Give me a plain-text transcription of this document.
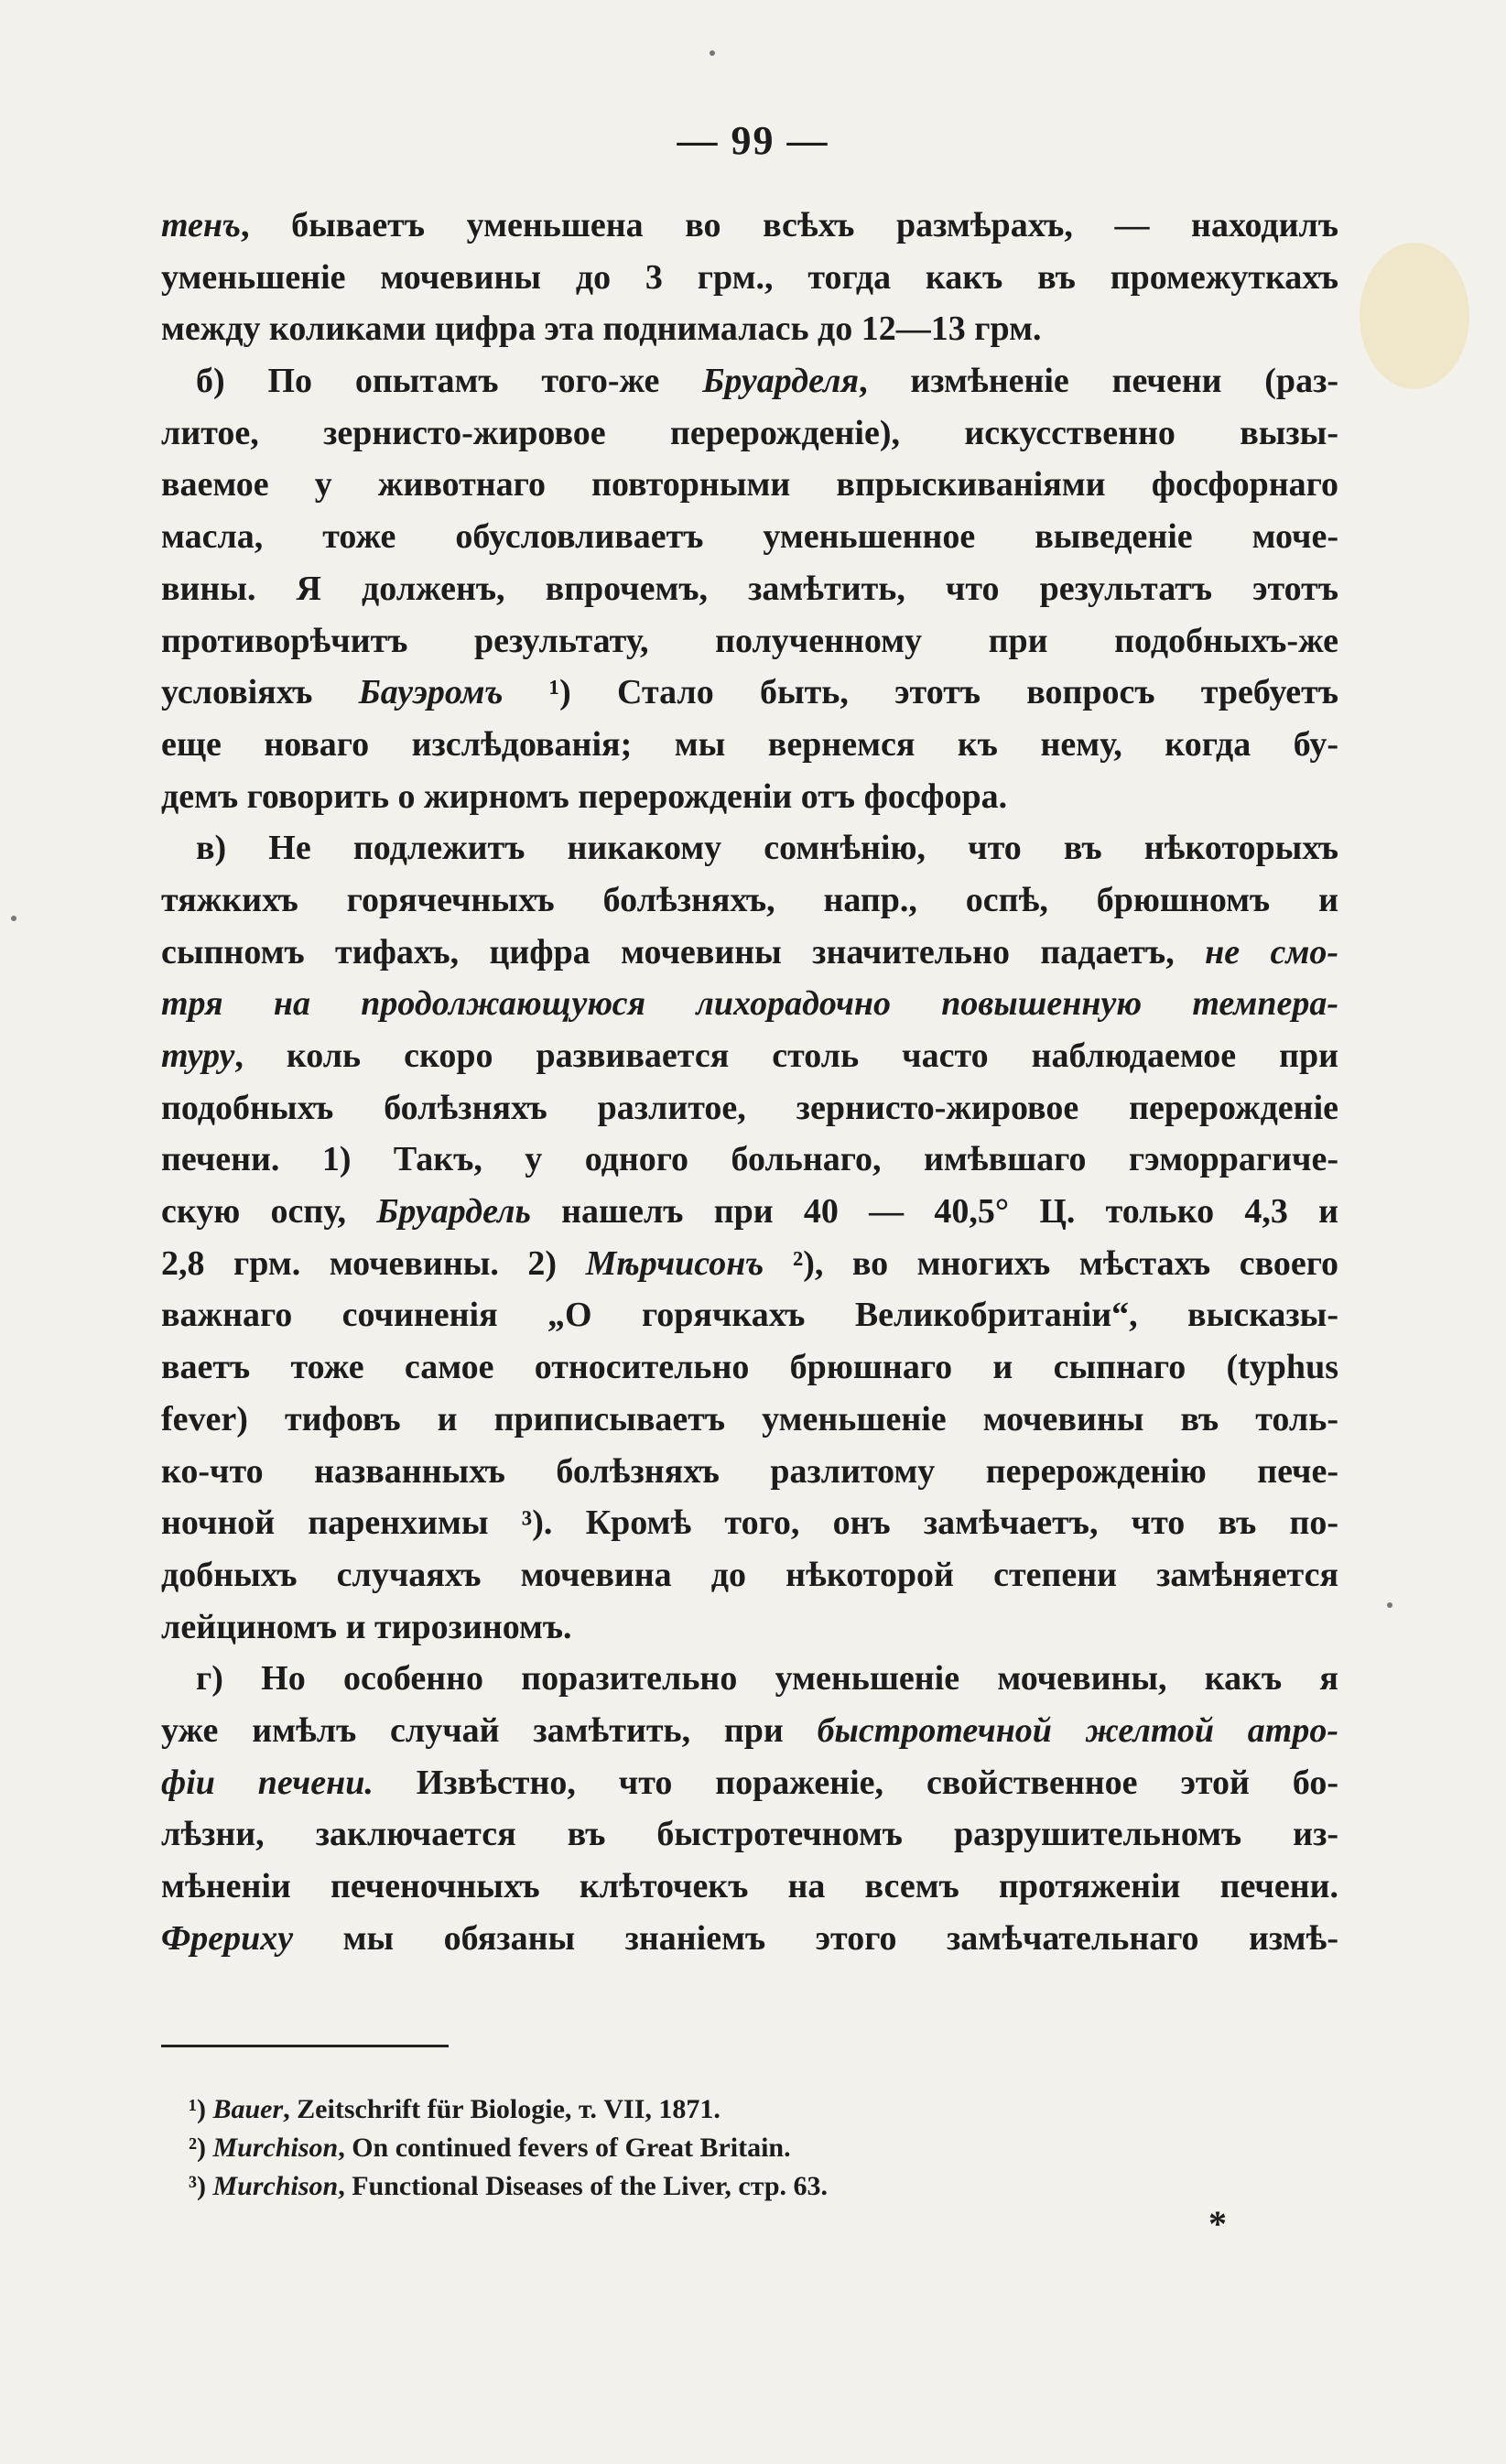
— 99 —
тенъ, бываетъ уменьшена во всѣхъ размѣрахъ, — находилъ
уменьшеніе мочевины до 3 грм., тогда какъ въ промежуткахъ
между коликами цифра эта поднималась до 12—13 грм.
б) По опытамъ того-же Бруарделя, измѣненіе печени (раз-
литое, зернисто-жировое перерожденіе), искусственно вызы-
ваемое у животнаго повторными впрыскиваніями фосфорнаго
масла, тоже обусловливаетъ уменьшенное выведеніе моче-
вины. Я долженъ, впрочемъ, замѣтить, что результатъ этотъ
противорѣчитъ результату, полученному при подобныхъ-же
условіяхъ Бауэромъ ¹) Стало быть, этотъ вопросъ требуетъ
еще новаго изслѣдованія; мы вернемся къ нему, когда бу-
демъ говорить о жирномъ перерожденіи отъ фосфора.
в) Не подлежитъ никакому сомнѣнію, что въ нѣкоторыхъ
тяжкихъ горячечныхъ болѣзняхъ, напр., оспѣ, брюшномъ и
сыпномъ тифахъ, цифра мочевины значительно падаетъ, не смо-
тря на продолжающуюся лихорадочно повышенную темпера-
туру, коль скоро развивается столь часто наблюдаемое при
подобныхъ болѣзняхъ разлитое, зернисто-жировое перерожденіе
печени. 1) Такъ, у одного больнаго, имѣвшаго гэморрагиче-
скую оспу, Бруардель нашелъ при 40 — 40,5° Ц. только 4,3 и
2,8 грм. мочевины. 2) Мѣрчисонъ ²), во многихъ мѣстахъ своего
важнаго сочиненія „О горячкахъ Великобританіи“, высказы-
ваетъ тоже самое относительно брюшнаго и сыпнаго (typhus
fever) тифовъ и приписываетъ уменьшеніе мочевины въ толь-
ко-что названныхъ болѣзняхъ разлитому перерожденію пече-
ночной паренхимы ³). Кромѣ того, онъ замѣчаетъ, что въ по-
добныхъ случаяхъ мочевина до нѣкоторой степени замѣняется
лейциномъ и тирозиномъ.
г) Но особенно поразительно уменьшеніе мочевины, какъ я
уже имѣлъ случай замѣтить, при быстротечной желтой атро-
фіи печени. Извѣстно, что пораженіе, свойственное этой бо-
лѣзни, заключается въ быстротечномъ разрушительномъ из-
мѣненіи печеночныхъ клѣточекъ на всемъ протяженіи печени.
Фрериху мы обязаны знаніемъ этого замѣчательнаго измѣ-
¹) Bauer, Zeitschrift für Biologie, т. VII, 1871.
²) Murchison, On continued fevers of Great Britain.
³) Murchison, Functional Diseases of the Liver, стр. 63.
*
